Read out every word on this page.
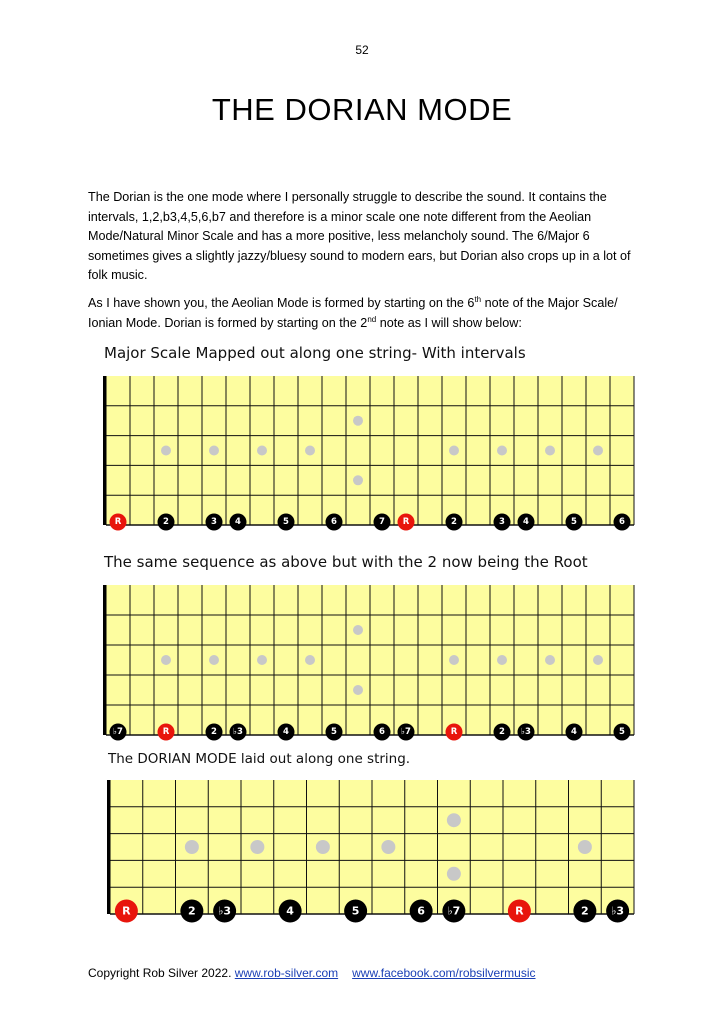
52
THE DORIAN MODE
The Dorian is the one mode where I personally struggle to describe the sound. It contains the intervals, 1,2,b3,4,5,6,b7 and therefore is a minor scale one note different from the Aeolian Mode/Natural Minor Scale and has a more positive, less melancholy sound. The 6/Major 6 sometimes gives a slightly jazzy/bluesy sound to modern ears, but Dorian also crops up in a lot of folk music.
As I have shown you, the Aeolian Mode is formed by starting on the 6th note of the Major Scale/ Ionian Mode. Dorian is formed by starting on the 2nd note as I will show below:
Major Scale Mapped out along one string- With intervals
The same sequence as above but with the 2 now being the Root
The DORIAN MODE laid out along one string.
R	2	3 4	5	6	7 R	2	3 4	5	6
♭7	R	2 ♭3	4	5	6 ♭7	R	2 ♭3	4	5
R	2 ♭3	4	5	6 ♭7	R	2 ♭3
Copyright Rob Silver 2022. www.rob-silver.com www.facebook.com/robsilvermusic
